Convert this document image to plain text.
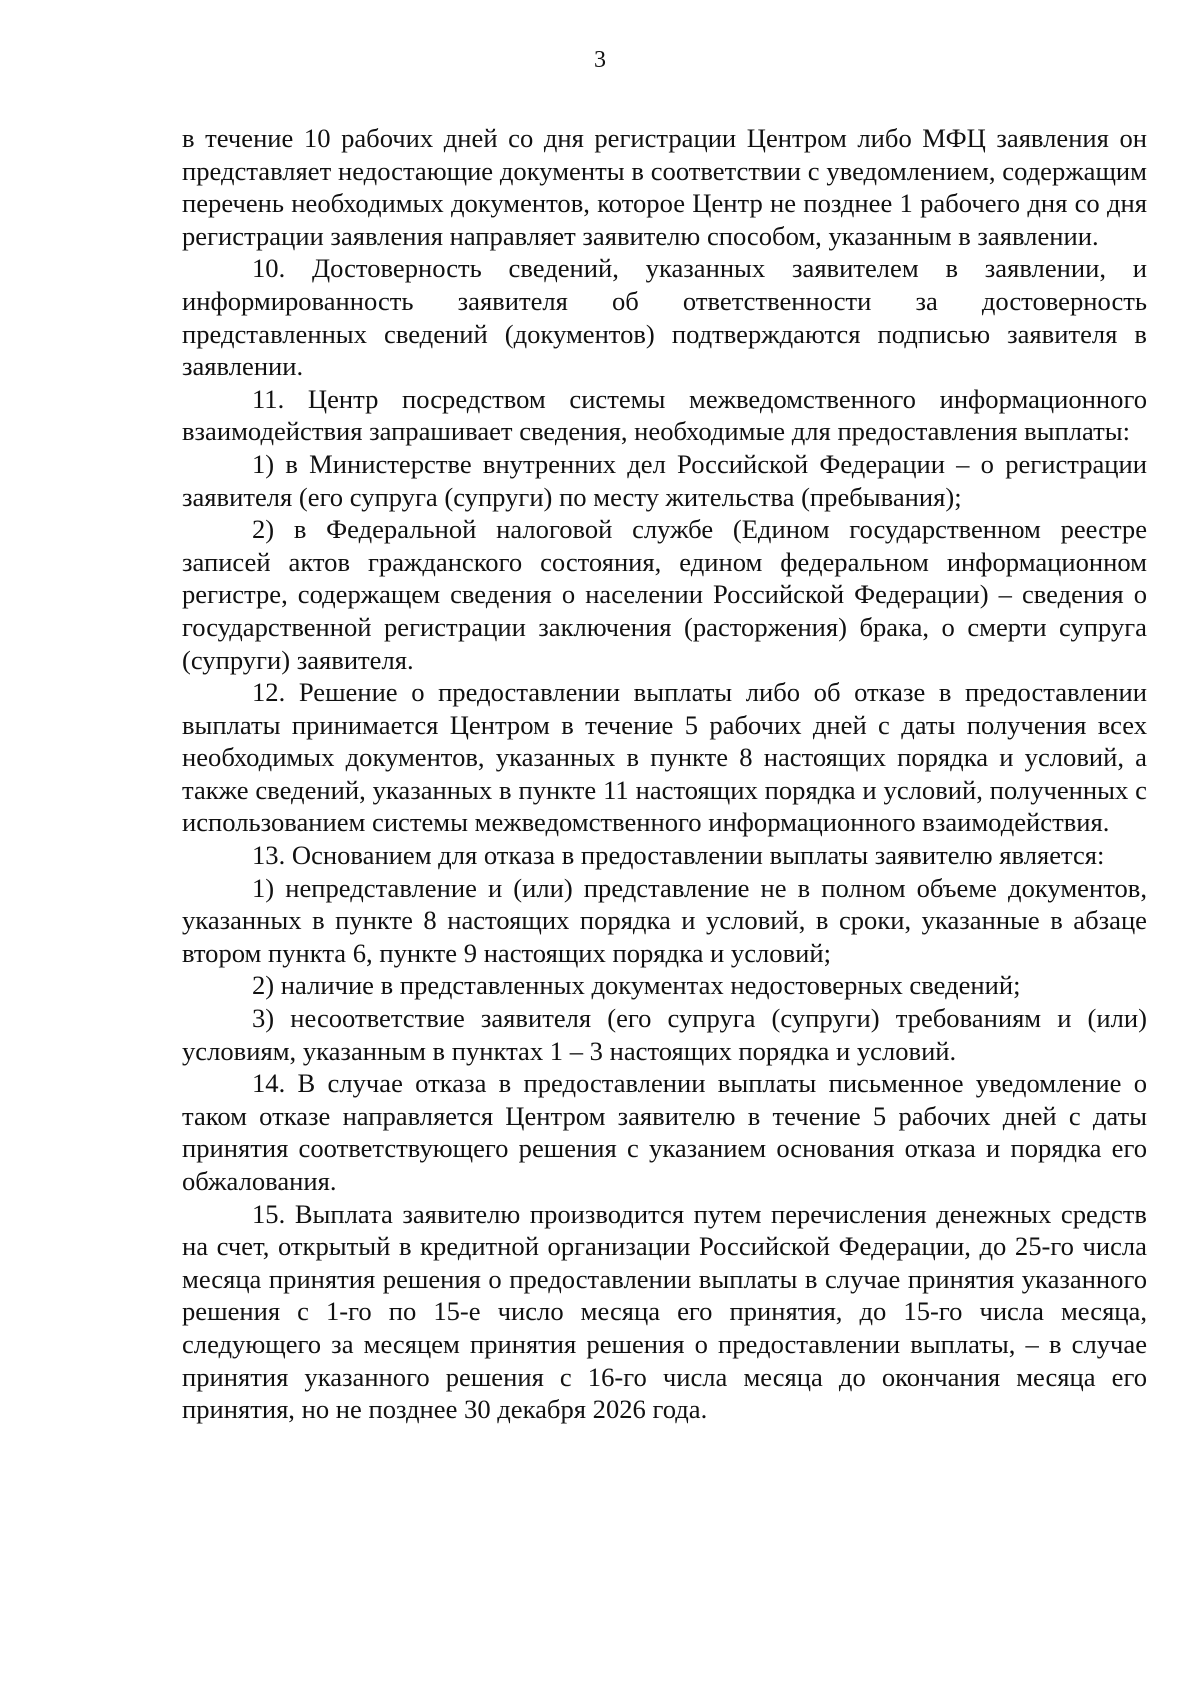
3

в течение 10 рабочих дней со дня регистрации Центром либо МФЦ заявления он представляет недостающие документы в соответствии с уведомлением, содержащим перечень необходимых документов, которое Центр не позднее 1 рабочего дня со дня регистрации заявления направляет заявителю способом, указанным в заявлении.

10. Достоверность сведений, указанных заявителем в заявлении, и информированность заявителя об ответственности за достоверность представленных сведений (документов) подтверждаются подписью заявителя в заявлении.

11. Центр посредством системы межведомственного информационного взаимодействия запрашивает сведения, необходимые для предоставления выплаты:

1) в Министерстве внутренних дел Российской Федерации – о регистрации заявителя (его супруга (супруги) по месту жительства (пребывания);

2) в Федеральной налоговой службе (Едином государственном реестре записей актов гражданского состояния, едином федеральном информационном регистре, содержащем сведения о населении Российской Федерации) – сведения о государственной регистрации заключения (расторжения) брака, о смерти супруга (супруги) заявителя.

12. Решение о предоставлении выплаты либо об отказе в предоставлении выплаты принимается Центром в течение 5 рабочих дней с даты получения всех необходимых документов, указанных в пункте 8 настоящих порядка и условий, а также сведений, указанных в пункте 11 настоящих порядка и условий, полученных с использованием системы межведомственного информационного взаимодействия.

13. Основанием для отказа в предоставлении выплаты заявителю является:

1) непредставление и (или) представление не в полном объеме документов, указанных в пункте 8 настоящих порядка и условий, в сроки, указанные в абзаце втором пункта 6, пункте 9 настоящих порядка и условий;

2) наличие в представленных документах недостоверных сведений;

3) несоответствие заявителя (его супруга (супруги) требованиям и (или) условиям, указанным в пунктах 1 – 3 настоящих порядка и условий.

14. В случае отказа в предоставлении выплаты письменное уведомление о таком отказе направляется Центром заявителю в течение 5 рабочих дней с даты принятия соответствующего решения с указанием основания отказа и порядка его обжалования.

15. Выплата заявителю производится путем перечисления денежных средств на счет, открытый в кредитной организации Российской Федерации, до 25-го числа месяца принятия решения о предоставлении выплаты в случае принятия указанного решения с 1-го по 15-е число месяца его принятия, до 15-го числа месяца, следующего за месяцем принятия решения о предоставлении выплаты, – в случае принятия указанного решения с 16-го числа месяца до окончания месяца его принятия, но не позднее 30 декабря 2026 года.
